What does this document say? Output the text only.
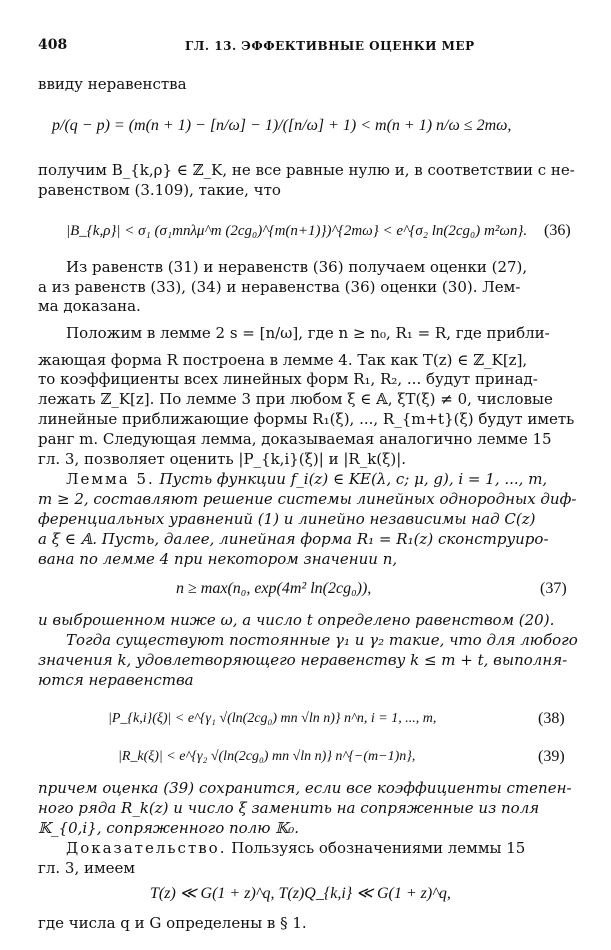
408	ГЛ. 13. ЭФФЕКТИВНЫЕ ОЦЕНКИ МЕР
ввиду неравенства
p/(q − p) = (m(n + 1) − [n/ω] − 1)/([n/ω] + 1) < m(n + 1) n/ω ≤ 2mω,
получим B_{k,ρ} ∈ ℤ_K, не все равные нулю и, в соответствии с не-
равенством (3.109), такие, что
|B_{k,ρ}| < σ₁ (σ₁mnλμ^m (2cg₀)^{m(n+1)})^{2mω} < e^{σ₂ ln(2cg₀) m²ωn}. (36)
Из равенств (31) и неравенств (36) получаем оценки (27),
а из равенств (33), (34) и неравенства (36) оценки (30). Лем-
ма доказана.
Положим в лемме 2 s = [n/ω], где n ≥ n₀, R₁ = R, где прибли-
жающая форма R построена в лемме 4. Так как T(z) ∈ ℤ_K[z],
то коэффициенты всех линейных форм R₁, R₂, ... будут принад-
лежать ℤ_K[z]. По лемме 3 при любом ξ ∈ 𝔸, ξT(ξ) ≠ 0, числовые
линейные приближающие формы R₁(ξ), ..., R_{m+t}(ξ) будут иметь
ранг m. Следующая лемма, доказываемая аналогично лемме 15
гл. 3, позволяет оценить |P_{k,i}(ξ)| и |R_k(ξ)|.
Лемма 5. Пусть функции f_i(z) ∈ KE(λ, c; μ, g), i = 1, ..., m,
m ≥ 2, составляют решение системы линейных однородных диф-
ференциальных уравнений (1) и линейно независимы над C(z)
а ξ ∈ 𝔸. Пусть, далее, линейная форма R₁ = R₁(z) сконструиро-
вана по лемме 4 при некотором значении n,
n ≥ max(n₀, exp(4m² ln(2cg₀)),	(37)
и выброшенном ниже ω, а число t определено равенством (20).
Тогда существуют постоянные γ₁ и γ₂ такие, что для любого
значения k, удовлетворяющего неравенству k ≤ m + t, выполня-
ются неравенства
|P_{k,i}(ξ)| < e^{γ₁ √(ln(2cg₀) mn √ln n)} n^n, i = 1, ..., m,	(38)
|R_k(ξ)| < e^{γ₂ √(ln(2cg₀) mn √ln n)} n^{−(m−1)n},	(39)
причем оценка (39) сохранится, если все коэффициенты степен-
ного ряда R_k(z) и число ξ заменить на сопряженные из поля
𝕂_{0,i}, сопряженного полю 𝕂₀.
Доказательство. Пользуясь обозначениями леммы 15
гл. 3, имеем
T(z) ≪ G(1 + z)^q, T(z)Q_{k,i} ≪ G(1 + z)^q,
где числа q и G определены в § 1.
